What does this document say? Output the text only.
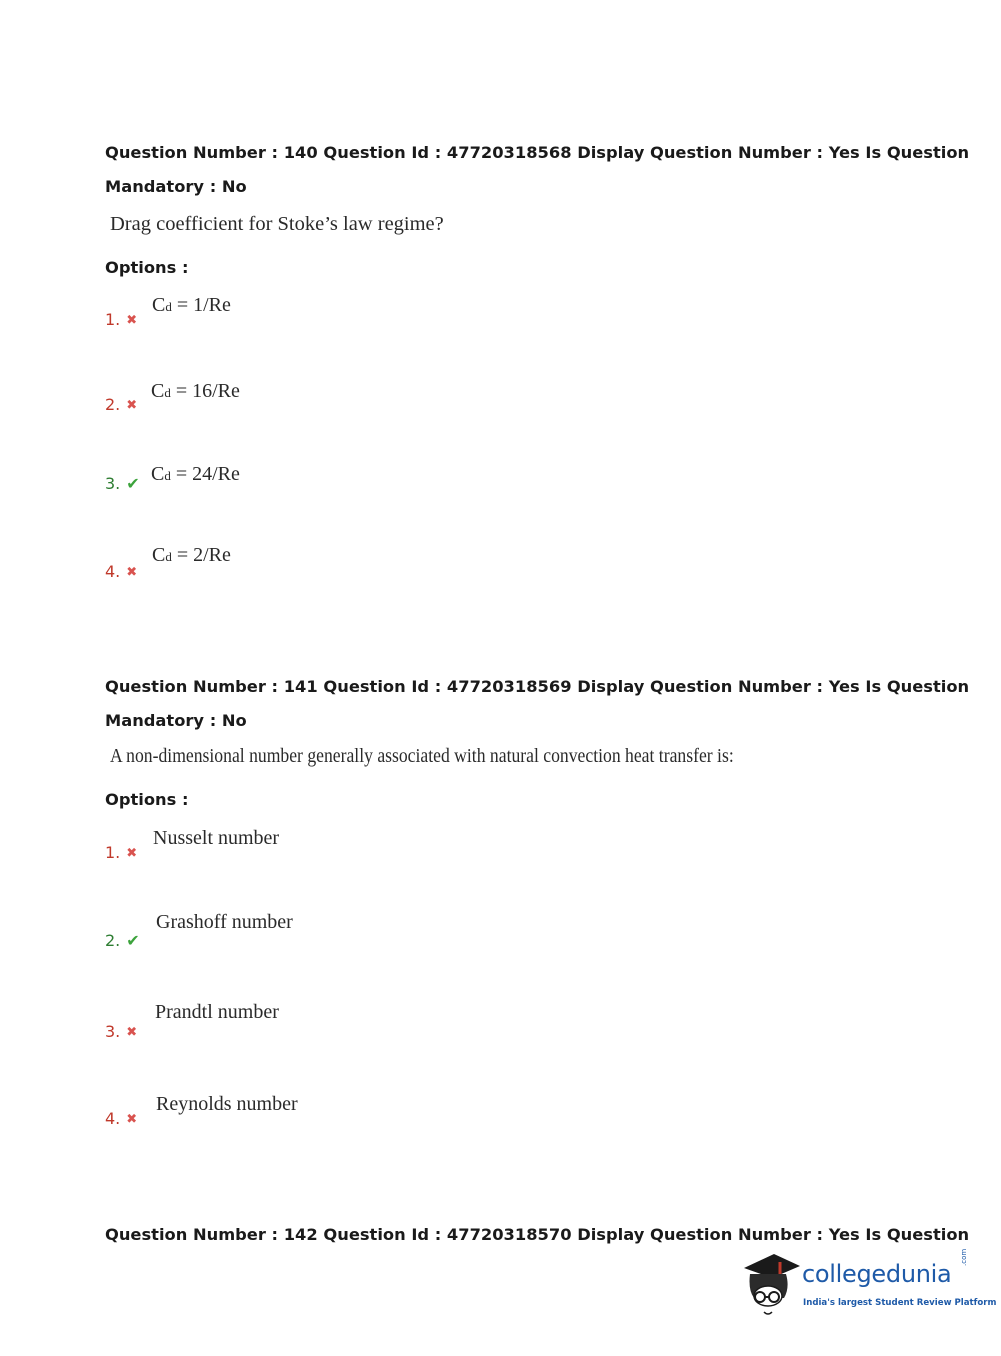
Question Number : 140 Question Id : 47720318568 Display Question Number : Yes Is Question
Mandatory : No
Drag coefficient for Stoke’s law regime?
Options :
1. ✖
Cd = 1/Re
2. ✖
Cd = 16/Re
3. ✔ Cd = 24/Re
4. ✖
Cd = 2/Re
Question Number : 141 Question Id : 47720318569 Display Question Number : Yes Is Question
Mandatory : No
A non-dimensional number generally associated with natural convection heat transfer is:
Options :
1. ✖
Nusselt number
2. ✔
Grashoff number
3. ✖
Prandtl number
4. ✖
Reynolds number
Question Number : 142 Question Id : 47720318570 Display Question Number : Yes Is Question
collegedunia
.com
India's largest Student Review Platform
